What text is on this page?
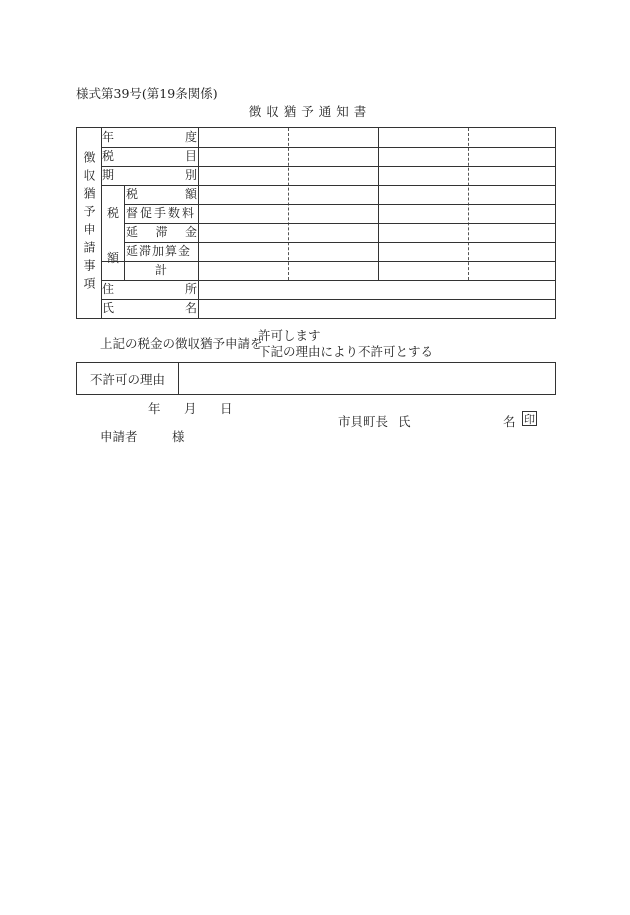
様式第39号(第19条関係)
徴収猶予通知書
徴収猶予申請事項
年	度
税	目
期	別
税
額
税	額
督促手数料
延 滞 金
延滞加算金
計
住	所
氏	名
上記の税金の徴収猶予申請を
許可します
下記の理由により不許可とする
不許可の理由
年 月 日
市貝町長 氏	名 印
申請者	様
